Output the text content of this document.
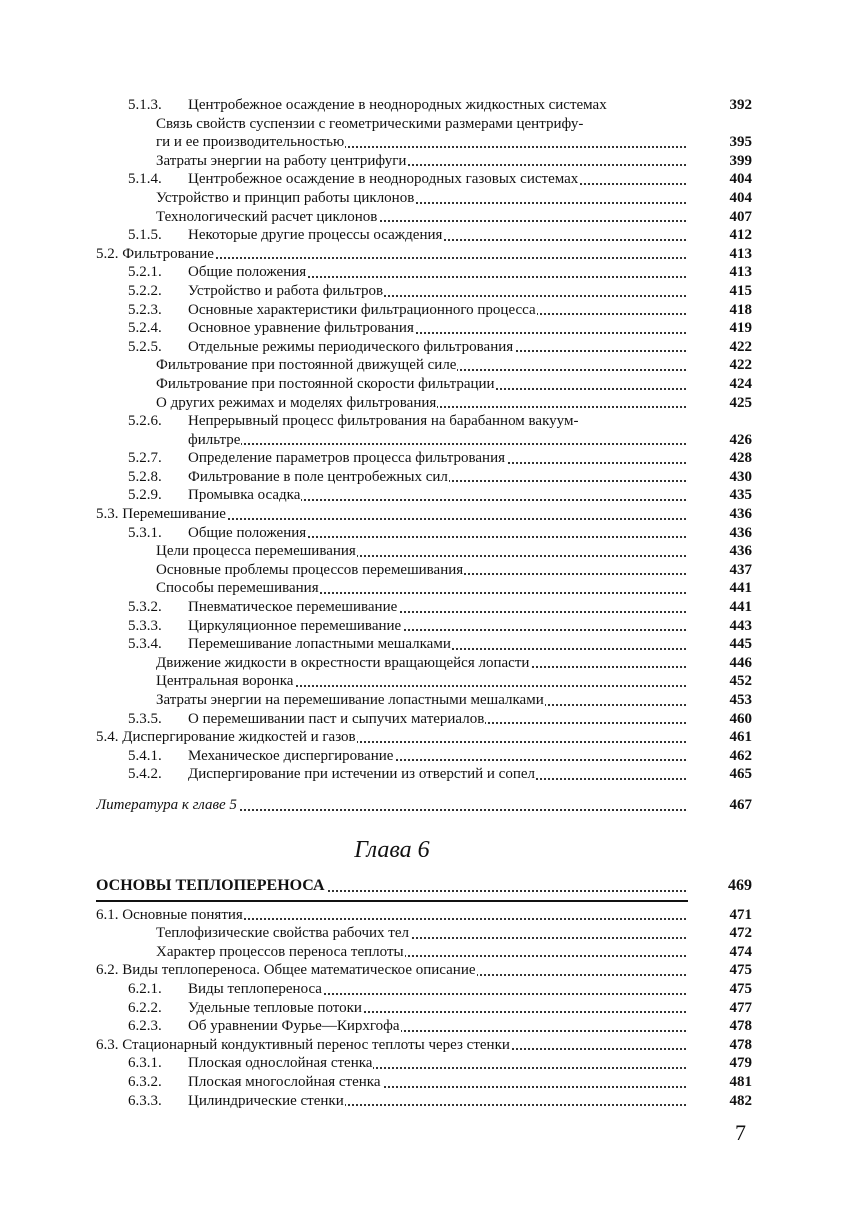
5.1.3. Центробежное осаждение в неоднородных жидкостных системах	392
Связь свойств суспензии с геометрическими размерами центрифу-
ги и ее производительностью	395
Затраты энергии на работу центрифуги	399
5.1.4. Центробежное осаждение в неоднородных газовых системах	404
Устройство и принцип работы циклонов	404
Технологический расчет циклонов	407
5.1.5. Некоторые другие процессы осаждения	412
5.2. Фильтрование	413
5.2.1. Общие положения	413
5.2.2. Устройство и работа фильтров	415
5.2.3. Основные характеристики фильтрационного процесса	418
5.2.4. Основное уравнение фильтрования	419
5.2.5. Отдельные режимы периодического фильтрования	422
Фильтрование при постоянной движущей силе	422
Фильтрование при постоянной скорости фильтрации	424
О других режимах и моделях фильтрования	425
5.2.6. Непрерывный процесс фильтрования на барабанном вакуум-
фильтре	426
5.2.7. Определение параметров процесса фильтрования	428
5.2.8. Фильтрование в поле центробежных сил	430
5.2.9. Промывка осадка	435
5.3. Перемешивание	436
5.3.1. Общие положения	436
Цели процесса перемешивания	436
Основные проблемы процессов перемешивания	437
Способы перемешивания	441
5.3.2. Пневматическое перемешивание	441
5.3.3. Циркуляционное перемешивание	443
5.3.4. Перемешивание лопастными мешалками	445
Движение жидкости в окрестности вращающейся лопасти	446
Центральная воронка	452
Затраты энергии на перемешивание лопастными мешалками	453
5.3.5. О перемешивании паст и сыпучих материалов	460
5.4. Диспергирование жидкостей и газов	461
5.4.1. Механическое диспергирование	462
5.4.2. Диспергирование при истечении из отверстий и сопел	465
Литература к главе 5	467
Глава 6
ОСНОВЫ ТЕПЛОПЕРЕНОСА	469
6.1. Основные понятия	471
Теплофизические свойства рабочих тел	472
Характер процессов переноса теплоты	474
6.2. Виды теплопереноса. Общее математическое описание	475
6.2.1. Виды теплопереноса	475
6.2.2. Удельные тепловые потоки	477
6.2.3. Об уравнении Фурье—Кирхгофа	478
6.3. Стационарный кондуктивный перенос теплоты через стенки	478
6.3.1. Плоская однослойная стенка	479
6.3.2. Плоская многослойная стенка	481
6.3.3. Цилиндрические стенки	482
7
